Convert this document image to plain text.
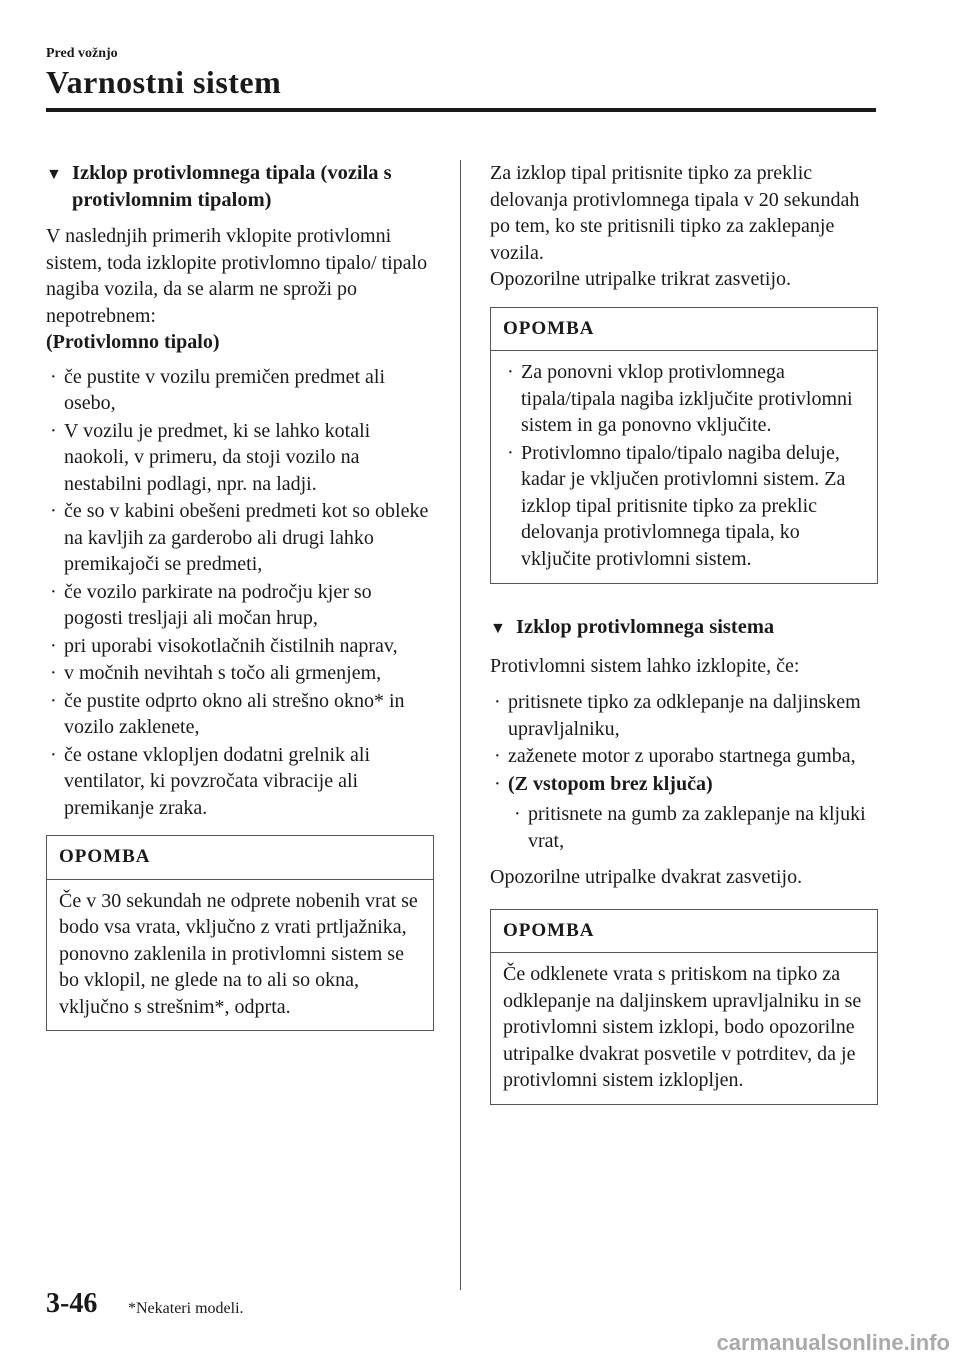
Pred vožnjo
Varnostni sistem
▼ Izklop protivlomnega tipala (vozila s protivlomnim tipalom)

V naslednjih primerih vklopite protivlomni sistem, toda izklopite protivlomno tipalo/ tipalo nagiba vozila, da se alarm ne sproži po nepotrebnem:

(Protivlomno tipalo)

· če pustite v vozilu premičen predmet ali osebo,
· V vozilu je predmet, ki se lahko kotali naokoli, v primeru, da stoji vozilo na nestabilni podlagi, npr. na ladji.
· če so v kabini obešeni predmeti kot so obleke na kavljih za garderobo ali drugi lahko premikajoči se predmeti,
· če vozilo parkirate na področju kjer so pogosti tresljaji ali močan hrup,
· pri uporabi visokotlačnih čistilnih naprav,
· v močnih nevihtah s točo ali grmenjem,
· če pustite odprto okno ali strešno okno* in vozilo zaklenete,
· če ostane vklopljen dodatni grelnik ali ventilator, ki povzročata vibracije ali premikanje zraka.
OPOMBA
Če v 30 sekundah ne odprete nobenih vrat se bodo vsa vrata, vključno z vrati prtljažnika, ponovno zaklenila in protivlomni sistem se bo vklopil, ne glede na to ali so okna, vključno s strešnim*, odprta.

Za izklop tipal pritisnite tipko za preklic delovanja protivlomnega tipala v 20 sekundah po tem, ko ste pritisnili tipko za zaklepanje vozila.

Opozorilne utripalke trikrat zasvetijo.

OPOMBA
· Za ponovni vklop protivlomnega tipala/tipala nagiba izključite protivlomni sistem in ga ponovno vključite.
· Protivlomno tipalo/tipalo nagiba deluje, kadar je vključen protivlomni sistem. Za izklop tipal pritisnite tipko za preklic delovanja protivlomnega tipala, ko vključite protivlomni sistem.
▼ Izklop protivlomnega sistema

Protivlomni sistem lahko izklopite, če:

· pritisnete tipko za odklepanje na daljinskem upravljalniku,
· zaženete motor z uporabo startnega gumba,
· (Z vstopom brez ključa)
· pritisnete na gumb za zaklepanje na kljuki vrat,

Opozorilne utripalke dvakrat zasvetijo.

OPOMBA
Če odklenete vrata s pritiskom na tipko za odklepanje na daljinskem upravljalniku in se protivlomni sistem izklopi, bodo opozorilne utripalke dvakrat posvetile v potrditev, da je protivlomni sistem izklopljen.
3-46 *Nekateri modeli.
carmanualsonline.info
